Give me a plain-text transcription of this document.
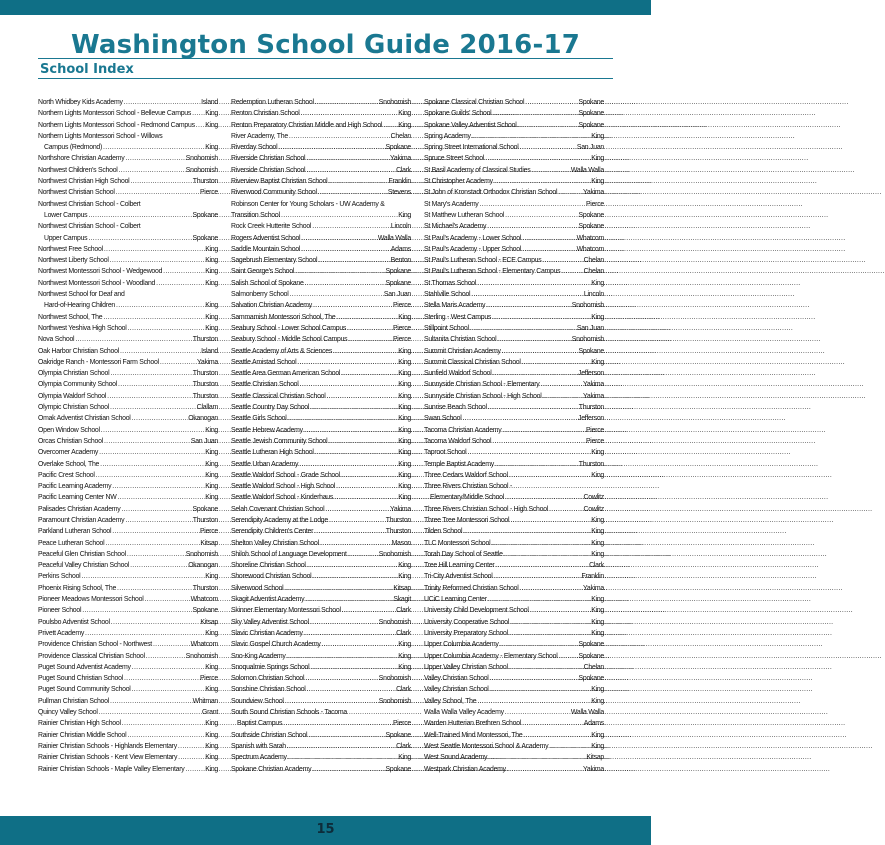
Washington School Guide 2016-17
School Index
North Whidbey Kids Academy .....	Island
Northern Lights Montessori School - Bellevue Campus ..... King
Northern Lights Montessori School - Redmond Campus ..... King
Northern Lights Montessori School - Willows
Campus (Redmond) .....	King
Northshore Christian Academy .....	Snohomish
Northwest Children's School .....	Snohomish
Northwest Christian High School .....	Thurston
Northwest Christian School .....	Pierce
Northwest Christian School - Colbert
Lower Campus .....	Spokane
Northwest Christian School - Colbert
Upper Campus .....	Spokane
Northwest Free School .....	King
Northwest Liberty School .....	King
Northwest Montessori School - Wedgewood .....	King
Northwest Montessori School - Woodland .....	King
Northwest School for Deaf and
Hard-of-Hearing Children .....	King
Northwest School, The .....	King
Northwest Yeshiva High School .....	King
Nova School .....	Thurston
Oak Harbor Christian School .....	Island
Oakridge Ranch - Montessori Farm School .....	Yakima
Olympia Christian School .....	Thurston
Olympia Community School .....	Thurston
Olympia Waldorf School .....	Thurston
Olympic Christian School .....	Clallam
Omak Adventist Christian School .....	Okanogan
Open Window School .....	King
Orcas Christian School .....	San Juan
Overcomer Academy .....	King
Overlake School, The .....	King
Pacific Crest School .....	King
Pacific Learning Academy .....	King
Pacific Learning Center NW .....	King
Palisades Christian Academy .....	Spokane
Paramount Christian Academy .....	Thurston
Parkland Lutheran School .....	Pierce
Peace Lutheran School .....	Kitsap
Peaceful Glen Christian School .....	Snohomish
Peaceful Valley Christian School .....	Okanogan
Perkins School .....	King
Phoenix Rising School, The .....	Thurston
Pioneer Meadows Montessori School .....	Whatcom
Pioneer School .....	Spokane
Poulsbo Adventist School .....	Kitsap
Privett Academy .....	King
Providence Christian School - Northwest .....	Whatcom
Providence Classical Christian School .....	Snohomish
Puget Sound Adventist Academy .....	King
Puget Sound Christian School .....	Pierce
Puget Sound Community School .....	King
Pullman Christian School .....	Whitman
Quincy Valley School .....	Grant
Rainier Christian High School .....	King
Rainier Christian Middle School .....	King
Rainier Christian Schools - Highlands Elementary .....	King
Rainier Christian Schools - Kent View Elementary .....	King
Rainier Christian Schools - Maple Valley Elementary .....	King
Redemption Lutheran School .....	Snohomish
Renton Christian School .....	King
Renton Preparatory Christian Middle and High School ..... King
River Academy, The .....	Chelan
Riverday School .....	Spokane
Riverside Christian School .....	Yakima
Riverside Christian School .....	Clark
Riverview Baptist Christian School .....	Franklin
Riverwood Community School .....	Stevens
Robinson Center for Young Scholars - UW Academy &
Transition School	King
Rock Creek Hutterite School .....	Lincoln
Rogers Adventist School .....	Walla Walla
Saddle Mountain School .....	Adams
Sagebrush Elementary School .....	Benton
Saint George's School .....	Spokane
Salish School of Spokane .....	Spokane
Salmonberry School .....	San Juan
Salvation Christian Academy .....	Pierce
Sammamish Montessori School, The .....	King
Seabury School - Lower School Campus .....	Pierce
Seabury School - Middle School Campus .....	Pierce
Seattle Academy of Arts & Sciences .....	King
Seattle Amistad School .....	King
Seattle Area German American School .....	King
Seattle Christian School .....	King
Seattle Classical Christian School .....	King
Seattle Country Day School .....	King
Seattle Girls School .....	King
Seattle Hebrew Academy .....	King
Seattle Jewish Community School .....	King
Seattle Lutheran High School .....	King
Seattle Urban Academy .....	King
Seattle Waldorf School - Grade School .....	King
Seattle Waldorf School - High School .....	King
Seattle Waldorf School - Kinderhaus .....	King
Selah Covenant Christian School .....	Yakima
Serendipity Academy at the Lodge .....	Thurston
Serendipity Children's Center .....	Thurston
Shelton Valley Christian School .....	Mason
Shiloh School of Language Development .....	Snohomish
Shoreline Christian School .....	King
Shorewood Christian School .....	King
Silverwood School .....	Kitsap
Skagit Adventist Academy .....	Skagit
Skinner Elementary Montessori School .....	Clark
Sky Valley Adventist School .....	Snohomish
Slavic Christian Academy .....	Clark
Slavic Gospel Church Academy .....	King
Sno-King Academy .....	King
Snoqualmie Springs School .....	King
Solomon Christian School .....	Snohomish
Sonshine Christian School .....	Clark
Soundview School .....	Snohomish
South Sound Christian Schools - Tacoma
Baptist Campus .....	Pierce
Southside Christian School .....	Spokane
Spanish with Sarah .....	Clark
Spectrum Academy .....	King
Spokane Christian Academy .....	Spokane
Spokane Classical Christian School .....	Spokane
Spokane Guilds' School .....	Spokane
Spokane Valley Adventist School .....	Spokane
Spring Academy .....	King
Spring Street International School .....	San Juan
Spruce Street School .....	King
St Basil Academy of Classical Studies .....	Walla Walla
St Christopher Academy .....	King
St John of Kronstadt Orthodox Christian School .....	Yakima
St Mary's Academy .....	Pierce
St Matthew Lutheran School .....	Spokane
St Michael's Academy .....	Spokane
St Paul's Academy - Lower School .....	Whatcom
St Paul's Academy - Upper School .....	Whatcom
St Paul's Lutheran School - ECE Campus .....	Chelan
St Paul's Lutheran School - Elementary Campus .....	Chelan
St Thomas School .....	King
Stahlville School .....	Lincoln
Stella Maris Academy .....	Snohomish
Sterling - West Campus .....	King
Stillpoint School .....	San Juan
Sultanita Christian School .....	Snohomish
Summit Christian Academy .....	Spokane
Summit Classical Christian School .....	King
Sunfield Waldorf School .....	Jefferson
Sunnyside Christian School - Elementary .....	Yakima
Sunnyside Christian School - High School .....	Yakima
Sunrise Beach School .....	Thurston
Swan School .....	Jefferson
Tacoma Christian Academy .....	Pierce
Tacoma Waldorf School .....	Pierce
Taproot School .....	King
Temple Baptist Academy .....	Thurston
Three Cedars Waldorf School .....	King
Three Rivers Christian School -
Elementary/Middle School .....	Cowlitz
Three Rivers Christian School - High School .....	Cowlitz
Three Tree Montessori School .....	King
Tilden School .....	King
TLC Montessori School .....	King
Torah Day School of Seattle .....	King
Tree Hill Learning Center .....	Clark
Tri-City Adventist School .....	Franklin
Trinity Reformed Christian School .....	Yakima
UCiC Learning Center .....	King
University Child Development School .....	King
University Cooperative School .....	King
University Preparatory School .....	King
Upper Columbia Academy .....	Spokane
Upper Columbia Academy - Elementary School .....	Spokane
Upper Valley Christian School .....	Chelan
Valley Christian School .....	Spokane
Valley Christian School .....	King
Valley School, The .....	King
Walla Walla Valley Academy .....	Walla Walla
Warden Hutterian Brethren School .....	Adams
Well-Trained Mind Montessori, The .....	King
West Seattle Montessori School & Academy .....	King
West Sound Academy .....	Kitsap
Westpark Christian Academy .....	Yakima
15
